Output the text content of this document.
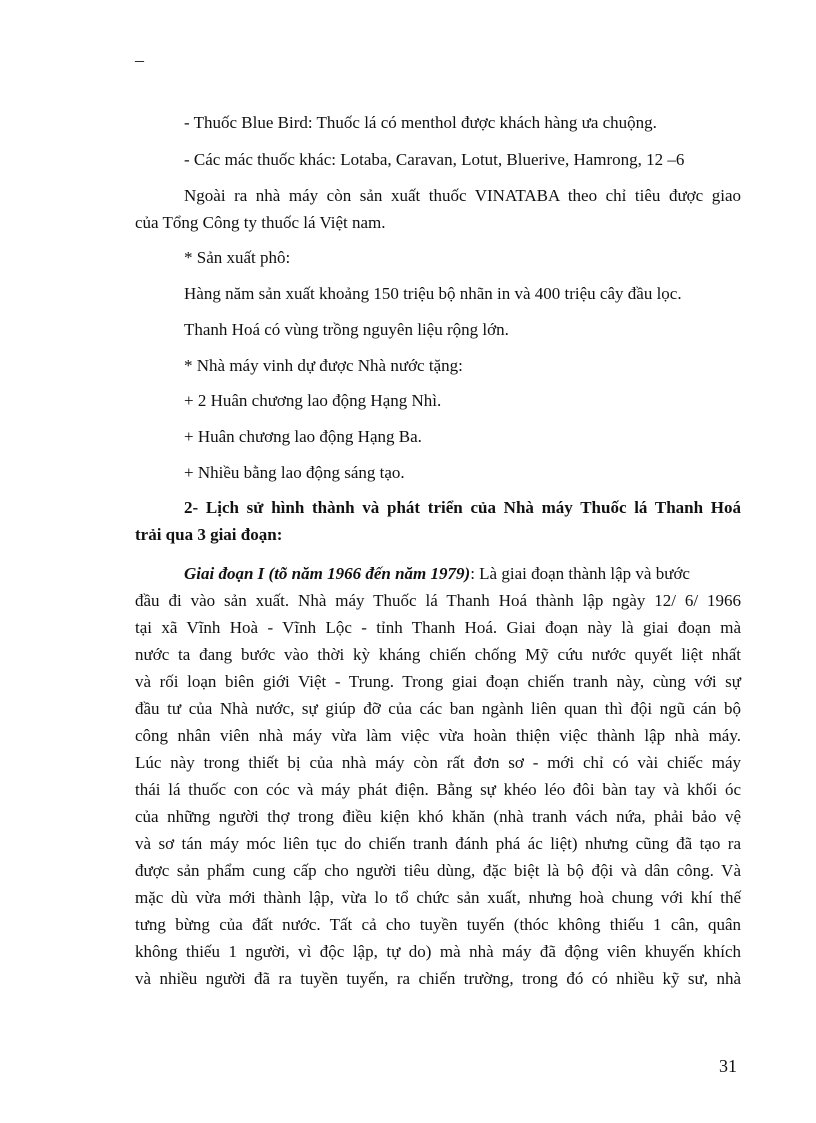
–
- Thuốc Blue Bird: Thuốc lá có menthol được khách hàng ưa chuộng.
- Các mác thuốc khác: Lotaba, Caravan, Lotut, Bluerive, Hamrong, 12 –6
Ngoài ra nhà máy còn sản xuất thuốc VINATABA theo chỉ tiêu được giao
của Tổng Công ty thuốc lá Việt nam.
* Sản xuất phô:
Hàng năm sản xuất khoảng 150 triệu bộ nhãn in và 400 triệu cây đầu lọc.
Thanh Hoá có vùng trồng nguyên liệu rộng lớn.
* Nhà máy vinh dự được Nhà nước tặng:
+ 2 Huân chương lao động Hạng Nhì.
+ Huân chương lao động Hạng Ba.
+ Nhiều bằng lao động sáng tạo.
2- Lịch sử hình thành và phát triển của Nhà máy Thuốc lá Thanh Hoá
trải qua 3 giai đoạn:
Giai đoạn I (tõ năm 1966 đến năm 1979): Là giai đoạn thành lập và bước
đầu đi vào sản xuất. Nhà máy Thuốc lá Thanh Hoá thành lập ngày 12/ 6/ 1966
tại xã Vĩnh Hoà - Vĩnh Lộc - tỉnh Thanh Hoá. Giai đoạn này là giai đoạn mà
nước ta đang bước vào thời kỳ kháng chiến chống Mỹ cứu nước quyết liệt nhất
và rối loạn biên giới Việt - Trung. Trong giai đoạn chiến tranh này, cùng với sự
đầu tư của Nhà nước, sự giúp đỡ của các ban ngành liên quan thì đội ngũ cán bộ
công nhân viên nhà máy vừa làm việc vừa hoàn thiện việc thành lập nhà máy.
Lúc này trong thiết bị của nhà máy còn rất đơn sơ - mới chỉ có vài chiếc máy
thái lá thuốc con cóc và máy phát điện. Bằng sự khéo léo đôi bàn tay và khối óc
của những người thợ trong điều kiện khó khăn (nhà tranh vách nứa, phải bảo vệ
và sơ tán máy móc liên tục do chiến tranh đánh phá ác liệt) nhưng cũng đã tạo ra
được sản phẩm cung cấp cho người tiêu dùng, đặc biệt là bộ đội và dân công. Và
mặc dù vừa mới thành lập, vừa lo tổ chức sản xuất, nhưng hoà chung với khí thế
tưng bừng của đất nước. Tất cả cho tuyền tuyến (thóc không thiếu 1 cân, quân
không thiếu 1 người, vì độc lập, tự do) mà nhà máy đã động viên khuyến khích
và nhiều người đã ra tuyền tuyến, ra chiến trường, trong đó có nhiều kỹ sư, nhà
31
